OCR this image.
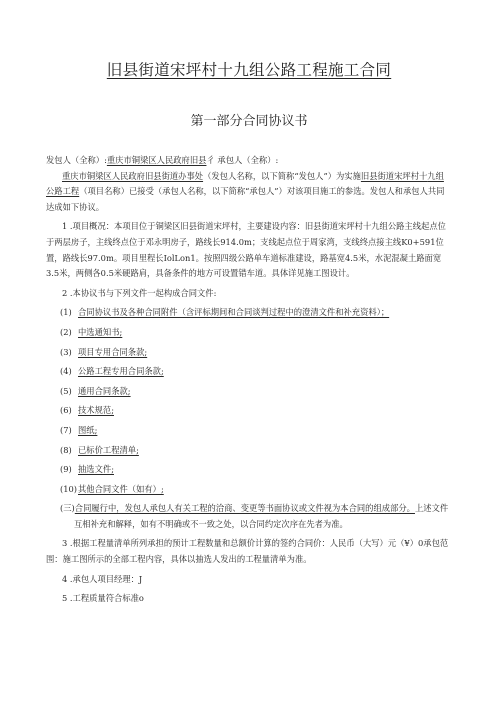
旧县街道宋坪村十九组公路工程施工合同
第一部分合同协议书

发包人（全称）:重庆市铜梁区人民政府旧县彳 承包人（全称）:

重庆市铜梁区人民政府旧县街道办事处（发包人名称，以下简称“发包人”）为实施旧县街道宋坪村十九组公路工程（项目名称）已接受（承包人名称，以下简称“承包人”）对该项目施工的参选。发包人和承包人共同达成如下协议。

1 .项目概况：本项目位于铜梁区旧县街道宋坪村，主要建设内容：旧县街道宋坪村十九组公路主线起点位于两层房子，主线终点位于邓永明房子，路线长914.0m；支线起点位于周家湾，支线终点接主线K0+591位置，路线长97.0m。项目里程长IolLon1。按照四级公路单车道标准建设，路基宽4.5米，水泥混凝土路面宽3.5米，两侧各0.5米硬路肩，具备条件的地方可设置错车道。具体详见施工图设计。

2 .本协议书与下列文件一起构成合同文件:

(1) 合同协议书及各种合同附件（含评标期间和合同谈判过程中的澄清文件和补充资料）；
(2) 中选通知书;
(3) 项目专用合同条款;
(4) 公路工程专用合同条款;
(5) 通用合同条款;
(6) 技术规范;
(7) 图纸;
(8) 已标价工程清单;
(9) 抽选文件;
(10)其他合同文件（如有）;

(三)合同履行中，发包人承包人有关工程的洽商、变更等书面协议或文件视为本合同的组成部分。上述文件互相补充和解释，如有不明确或不一致之处，以合同约定次序在先者为准。

3 .根据工程量清单所列承担的预计工程数量和总额价计算的签约合同价：人民币（大写）元（¥）0承包范围：施工图所示的全部工程内容，具体以抽选人发出的工程量清单为准。

4 .承包人项目经理：J

5 .工程质量符合标准o
